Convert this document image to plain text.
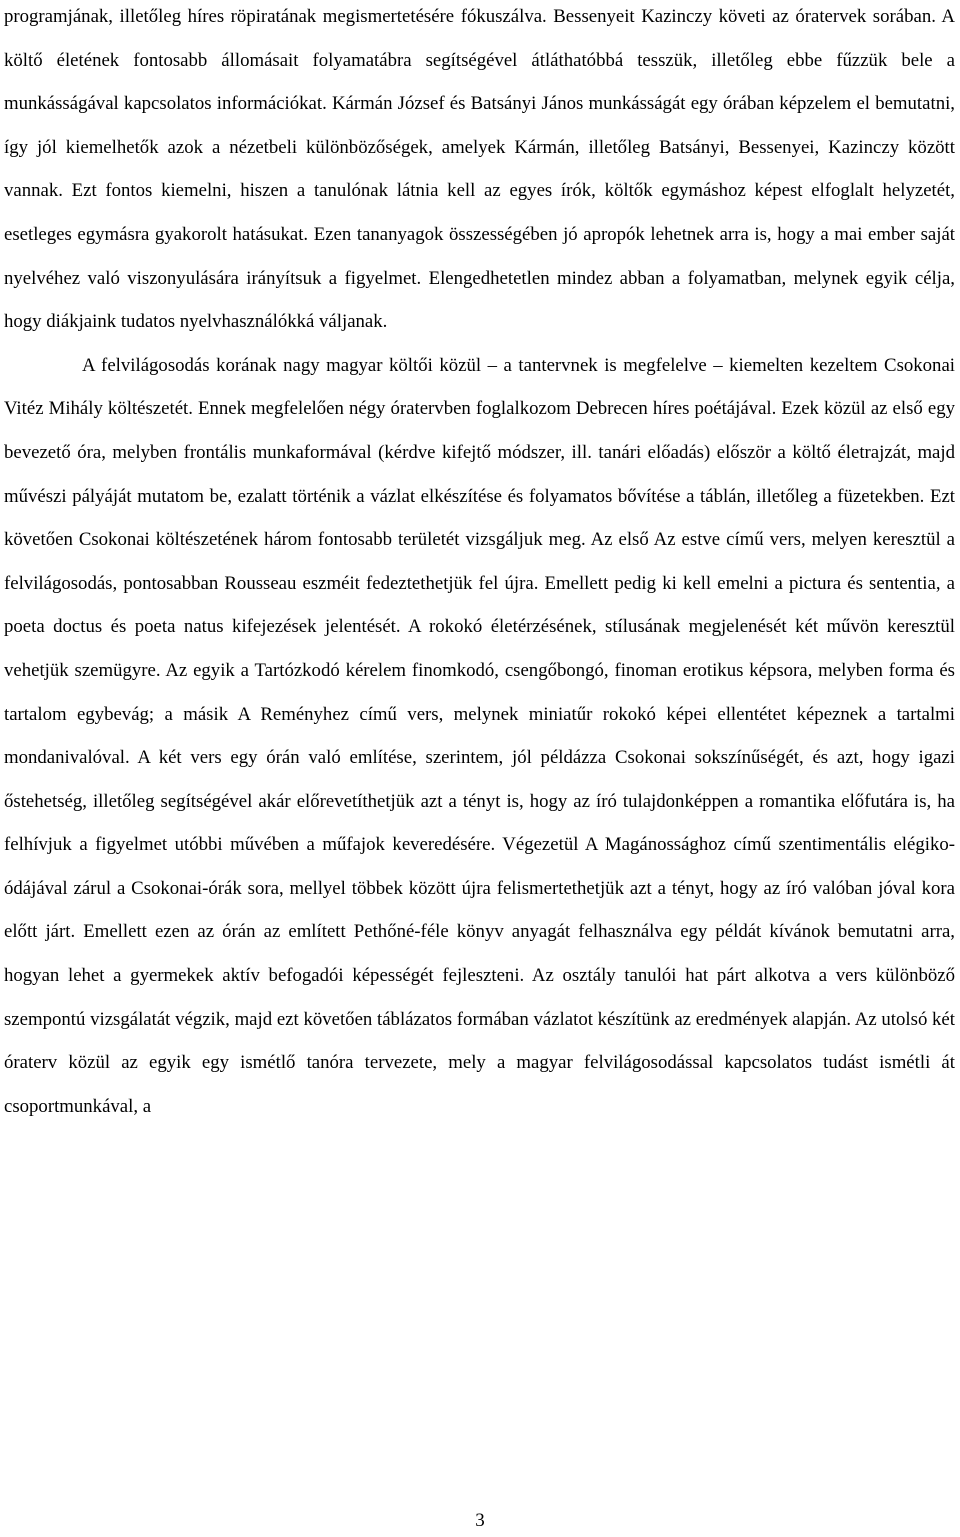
programjának, illetőleg híres röpiratának megismertetésére fókuszálva. Bessenyeit Kazinczy követi az óratervek sorában. A költő életének fontosabb állomásait folyamatábra segítségével átláthatóbbá tesszük, illetőleg ebbe fűzzük bele a munkásságával kapcsolatos információkat. Kármán József és Batsányi János munkásságát egy órában képzelem el bemutatni, így jól kiemelhetők azok a nézetbeli különbözőségek, amelyek Kármán, illetőleg Batsányi, Bessenyei, Kazinczy között vannak. Ezt fontos kiemelni, hiszen a tanulónak látnia kell az egyes írók, költők egymáshoz képest elfoglalt helyzetét, esetleges egymásra gyakorolt hatásukat. Ezen tananyagok összességében jó apropók lehetnek arra is, hogy a mai ember saját nyelvéhez való viszonyulására irányítsuk a figyelmet. Elengedhetetlen mindez abban a folyamatban, melynek egyik célja, hogy diákjaink tudatos nyelvhasználókká váljanak.

A felvilágosodás korának nagy magyar költői közül – a tantervnek is megfelelve – kiemelten kezeltem Csokonai Vitéz Mihály költészetét. Ennek megfelelően négy óratervben foglalkozom Debrecen híres poétájával. Ezek közül az első egy bevezető óra, melyben frontális munkaformával (kérdve kifejtő módszer, ill. tanári előadás) először a költő életrajzát, majd művészi pályáját mutatom be, ezalatt történik a vázlat elkészítése és folyamatos bővítése a táblán, illetőleg a füzetekben. Ezt követően Csokonai költészetének három fontosabb területét vizsgáljuk meg. Az első Az estve című vers, melyen keresztül a felvilágosodás, pontosabban Rousseau eszméit fedeztethetjük fel újra. Emellett pedig ki kell emelni a pictura és sententia, a poeta doctus és poeta natus kifejezések jelentését. A rokokó életérzésének, stílusának megjelenését két művön keresztül vehetjük szemügyre. Az egyik a Tartózkodó kérelem finomkodó, csengőbongó, finoman erotikus képsora, melyben forma és tartalom egybevág; a másik A Reményhez című vers, melynek miniatűr rokokó képei ellentétet képeznek a tartalmi mondanivalóval. A két vers egy órán való említése, szerintem, jól példázza Csokonai sokszínűségét, és azt, hogy igazi őstehetség, illetőleg segítségével akár előrevetíthetjük azt a tényt is, hogy az író tulajdonképpen a romantika előfutára is, ha felhívjuk a figyelmet utóbbi művében a műfajok keveredésére. Végezetül A Magánossághoz című szentimentális elégiko-ódájával zárul a Csokonai-órák sora, mellyel többek között újra felismertethetjük azt a tényt, hogy az író valóban jóval kora előtt járt. Emellett ezen az órán az említett Pethőné-féle könyv anyagát felhasználva egy példát kívánok bemutatni arra, hogyan lehet a gyermekek aktív befogadói képességét fejleszteni. Az osztály tanulói hat párt alkotva a vers különböző szempontú vizsgálatát végzik, majd ezt követően táblázatos formában vázlatot készítünk az eredmények alapján. Az utolsó két óraterv közül az egyik egy ismétlő tanóra tervezete, mely a magyar felvilágosodással kapcsolatos tudást ismétli át csoportmunkával, a

3
